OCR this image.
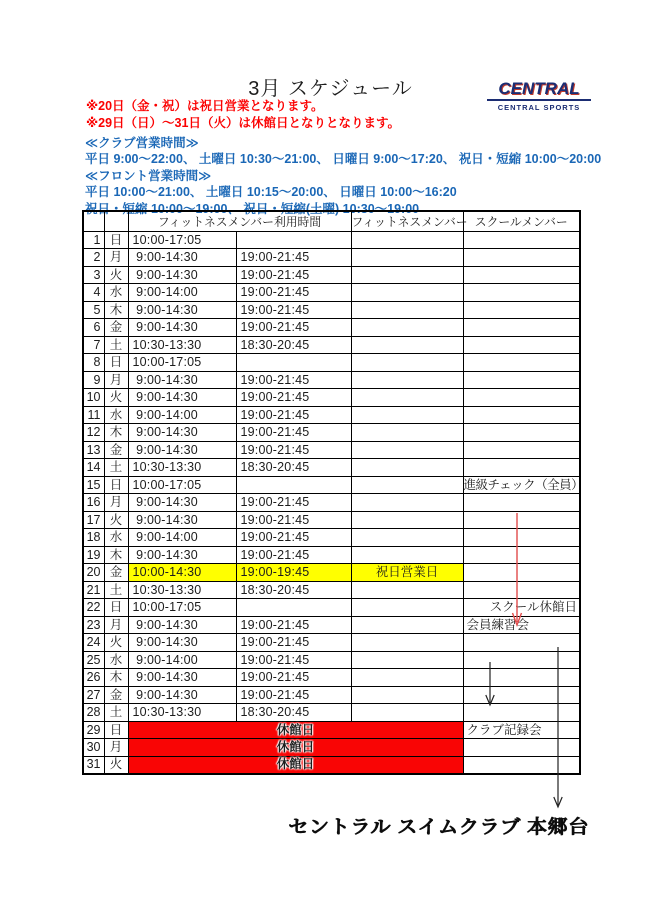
3月 スケジュール	CENTRAL
CENTRAL SPORTS
※20日（金・祝）は祝日営業となります。
※29日（日）～31日（火）は休館日となりとなります。
≪クラブ営業時間≫
平日 9:00～22:00、 土曜日 10:30～21:00、 日曜日 9:00～17:20、 祝日・短縮 10:00～20:00
≪フロント営業時間≫
平日 10:00～21:00、 土曜日 10:15～20:00、 日曜日 10:00～16:20
祝日・短縮 10:00～19:00、 祝日・短縮(土曜) 10:30～19:00
		フィットネスメンバー利用時間		フィットネスメンバー	スクールメンバー
1	日	10:00-17:05			
2	月	9:00-14:30	19:00-21:45		
3	火	9:00-14:30	19:00-21:45		
4	水	9:00-14:00	19:00-21:45		
5	木	9:00-14:30	19:00-21:45		
6	金	9:00-14:30	19:00-21:45		
7	土	10:30-13:30	18:30-20:45		
8	日	10:00-17:05			
9	月	9:00-14:30	19:00-21:45		
10	火	9:00-14:30	19:00-21:45		
11	水	9:00-14:00	19:00-21:45		
12	木	9:00-14:30	19:00-21:45		
13	金	9:00-14:30	19:00-21:45		
14	土	10:30-13:30	18:30-20:45		
15	日	10:00-17:05			進級チェック（全員）
16	月	9:00-14:30	19:00-21:45		
17	火	9:00-14:30	19:00-21:45		
18	水	9:00-14:00	19:00-21:45		
19	木	9:00-14:30	19:00-21:45		
20	金	10:00-14:30	19:00-19:45	祝日営業日	
21	土	10:30-13:30	18:30-20:45		
22	日	10:00-17:05			スクール休館日
23	月	9:00-14:30	19:00-21:45		会員練習会
24	火	9:00-14:30	19:00-21:45		
25	水	9:00-14:00	19:00-21:45		
26	木	9:00-14:30	19:00-21:45		
27	金	9:00-14:30	19:00-21:45		
28	土	10:30-13:30	18:30-20:45		
29	日	休館日			クラブ記録会
30	月	休館日			
31	火	休館日			
セントラル スイムクラブ 本郷台
